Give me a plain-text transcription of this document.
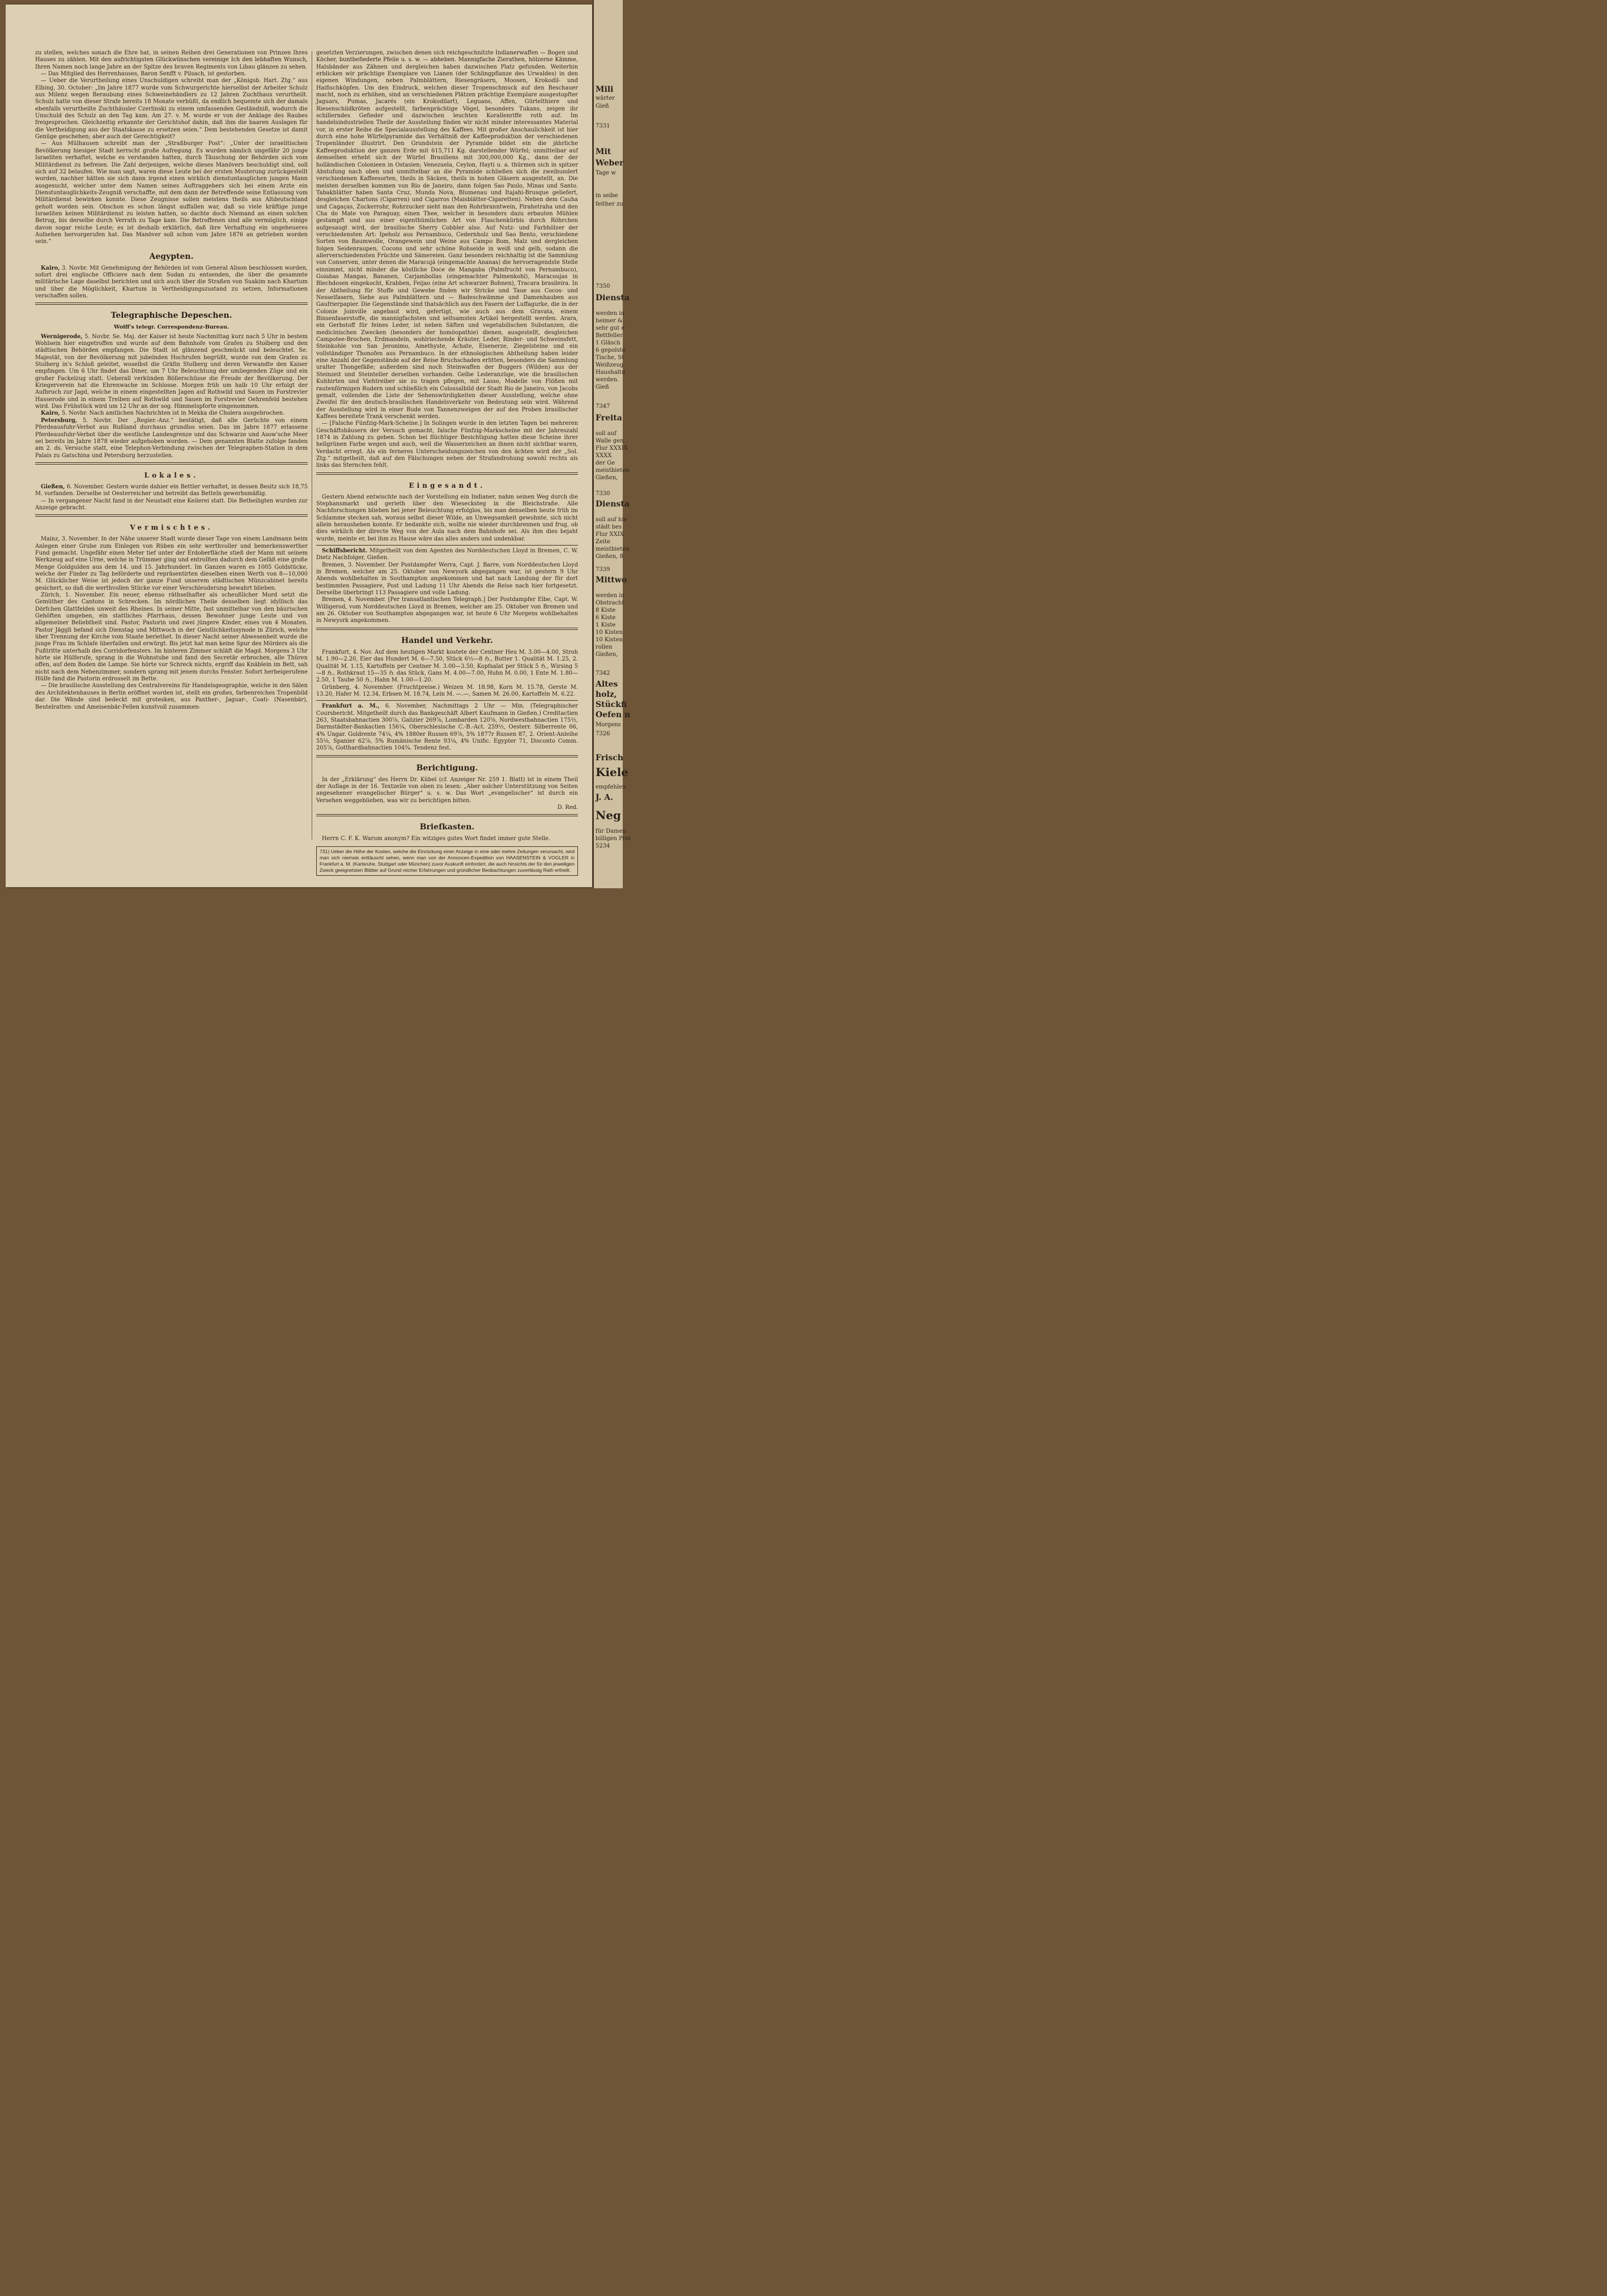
zu stellen, welches sonach die Ehre hat, in seinen Reihen drei Generationen von Prinzen Ihres Hauses zu zählen. Mit den aufrichtigsten Glückwünschen vereinige Ich den lebhaften Wunsch, Ihren Namen noch lange Jahre an der Spitze des braven Regiments von Libau glänzen zu sehen.

— Das Mitglied des Herrenhauses, Baron Senfft v. Pilsach, ist gestorben.

— Ueber die Verurtheilung eines Unschuldigen schreibt man der „Königsb. Hart. Ztg.“ aus Elbing, 30. October: „Im Jahre 1877 wurde vom Schwurgerichte hierselbst der Arbeiter Schulz aus Milenz wegen Beraubung eines Schweinehändlers zu 12 Jahren Zuchthaus verurtheilt. Schulz hatte von dieser Strafe bereits 18 Monate verbüßt, da endlich bequemte sich der damals ebenfalls verurtheilte Zuchthäusler Czerlinski zu einem umfassenden Geständniß, wodurch die Unschuld des Schulz an den Tag kam. Am 27. v. M. wurde er von der Anklage des Raubes freigesprochen. Gleichzeitig erkannte der Gerichtshof dahin, daß ihm die baaren Auslagen für die Vertheidigung aus der Staatskasse zu ersetzen seien.“ Dem bestehenden Gesetze ist damit Genüge geschehen; aber auch der Gerechtigkeit?

— Aus Mülhausen schreibt man der „Straßburger Post“: „Unter der israelitischen Bevölkerung hiesiger Stadt herrscht große Aufregung. Es wurden nämlich ungefähr 20 junge Israeliten verhaftet, welche es verstanden hatten, durch Täuschung der Behörden sich vom Militärdienst zu befreien. Die Zahl derjenigen, welche dieses Manövers beschuldigt sind, soll sich auf 32 belaufen. Wie man sagt, waren diese Leute bei der ersten Musterung zurückgestellt worden, nachher hätten sie sich dann irgend einen wirklich dienstuntauglichen jungen Mann ausgesucht, welcher unter dem Namen seines Auftraggebers sich bei einem Arzte ein Dienstuntauglichkeits-Zeugniß verschaffte, mit dem dann der Betreffende seine Entlassung vom Militärdienst bewirken konnte. Diese Zeugnisse sollen meistens theils aus Altdeutschland geholt worden sein. Obschon es schon längst auffallen war, daß so viele kräftige junge Israeliten keinen Militärdienst zu leisten hatten, so dachte doch Niemand an einen solchen Betrug, bis derselbe durch Verrath zu Tage kam. Die Betroffenen sind alle vermöglich, einige davon sogar reiche Leute; es ist deshalb erklärlich, daß ihre Verhaftung ein ungeheueres Aufsehen hervorgerufen hat. Das Manöver soll schon vom Jahre 1876 an getrieben worden sein.“

Aegypten.

Kairo, 3. Novbr. Mit Genehmigung der Behörden ist vom General Alison beschlossen worden, sofort drei englische Officiere nach dem Sudan zu entsenden, die über die gesammte militärische Lage daselbst berichten und sich auch über die Straßen von Suakim nach Khartum und über die Möglichkeit, Khartum in Vertheidigungszustand zu setzen, Informationen verschaffen sollen.

Telegraphische Depeschen.
Wolff's telegr. Correspondenz-Bureau.

Wernigerode, 5. Novbr. Se. Maj. der Kaiser ist heute Nachmittag kurz nach 5 Uhr in bestem Wohlsein hier eingetroffen und wurde auf dem Bahnhofe vom Grafen zu Stolberg und den städtischen Behörden empfangen. Die Stadt ist glänzend geschmückt und beleuchtet. Se. Majestät, von der Bevölkerung mit jubelnden Hochrufen begrüßt, wurde von dem Grafen zu Stolberg in's Schloß geleitet, woselbst die Gräfin Stolberg und deren Verwandte den Kaiser empfingen. Um 6 Uhr findet das Diner, um 7 Uhr Beleuchtung der umliegenden Züge und ein großer Fackelzug statt. Ueberall verkünden Böllerschüsse die Freude der Bevölkerung. Der Kriegerverein hat die Ehrenwache im Schlosse. Morgen früh um halb 10 Uhr erfolgt der Aufbruch zur Jagd, welche in einem eingestellten Jagen auf Rothwild und Sauen im Forstrevier Hasserode und in einem Treiben auf Rothwild und Sauen im Forstrevier Oehrenfeld bestehen wird. Das Frühstück wird um 12 Uhr an der sog. Himmelspforte eingenommen.

Kairo, 5. Novbr. Nach amtlichen Nachrichten ist in Mekka die Cholera ausgebrochen.

Petersburg, 5. Novbr. Der „Regier.-Anz.“ bestätigt, daß alle Gerüchte von einem Pferdeausfuhr-Verbot aus Rußland durchaus grundlos seien. Das im Jahre 1877 erlassene Pferdeausfuhr-Verbot über die westliche Landesgrenze und das Schwarze und Asow'sche Meer sei bereits im Jahre 1878 wieder aufgehoben worden. — Dem genannten Blatte zufolge fanden am 2. ds. Versuche statt, eine Telephon-Verbindung zwischen der Telegraphen-Station in dem Palais zu Gatschina und Petersburg herzustellen.

Lokales.

Gießen, 6. November. Gestern wurde dahier ein Bettler verhaftet, in dessen Besitz sich 18,75 M. vorfanden. Derselbe ist Oesterreicher und betreibt das Betteln gewerbsmäßig.

— In vergangener Nacht fand in der Neustadt eine Keilerei statt. Die Betheiligten wurden zur Anzeige gebracht.

Vermischtes.

Mainz, 3. November. In der Nähe unserer Stadt wurde dieser Tage von einem Landmann beim Anlegen einer Grube zum Einlegen von Rüben ein sehr werthvoller und bemerkenswerther Fund gemacht. Ungefähr einen Meter tief unter der Erdoberfläche stieß der Mann mit seinem Werkzeug auf eine Urne, welche in Trümmer ging und entrollten dadurch dem Gefäß eine große Menge Goldgulden aus dem 14. und 15. Jahrhundert. Im Ganzen waren es 1005 Goldstücke, welche der Finder zu Tag beförderte und repräsentirten dieselben einen Werth von 8—10,000 M. Glücklicher Weise ist jedoch der ganze Fund unserem städtischen Münzcabinet bereits gesichert, so daß die werthvollen Stücke vor einer Verschleuderung bewahrt blieben.

Zürich, 1. November. Ein neuer, ebenso räthselhafter als scheußlicher Mord setzt die Gemüther des Cantons in Schrecken. Im nördlichen Theile desselben liegt idyllisch das Dörfchen Glattfelden unweit des Rheines. In seiner Mitte, fast unmittelbar von den bäurischen Gehöften umgeben, ein stattliches Pfarrhaus, dessen Bewohner junge Leute und von allgemeiner Beliebtheit sind. Pastor, Pastorin und zwei jüngere Kinder, eines von 4 Monaten. Pastor Jäggli befand sich Dienstag und Mittwoch in der Geistlichkeitssynode in Zürich, welche über Trennung der Kirche vom Staate beriethet. In dieser Nacht seiner Abwesenheit wurde die junge Frau im Schlafe überfallen und erwürgt. Bis jetzt hat man keine Spur des Mörders als die Fußtritte unterhalb des Corridorfensters. Im hinteren Zimmer schläft die Magd. Morgens 3 Uhr hörte sie Hülferufe, sprang in die Wohnstube und fand den Secretär erbrochen, alle Thüren offen, auf dem Boden die Lampe. Sie hörte vor Schreck nichts, ergriff das Knäblein im Bett, sah nicht nach dem Nebenzimmer, sondern sprang mit jenem durchs Fenster. Sofort herbeigerufene Hülfe fand die Pastorin erdrosselt im Bette.

— Die brasilische Ausstellung des Centralvereins für Handelsgeographie, welche in den Sälen des Architektenhauses in Berlin eröffnet worden ist, stellt ein großes, farbenreiches Tropenbild dar. Die Wände sind bedeckt mit grotesken, aus Panther-, Jaguar-, Coati- (Nasenbär), Beutelratten- und Ameisenbär-Fellen kunstvoll zusammen-

gesetzten Verzierungen, zwischen denen sich reichgeschnitzte Indianerwaffen — Bogen und Köcher, buntbefiederte Pfeile u. s. w. — abheben. Mannigfache Zierathen, hölzerne Kämme, Halsbänder aus Zähnen und dergleichen haben dazwischen Platz gefunden. Weiterhin erblicken wir prächtige Exemplare von Lianen (der Schlingpflanze des Urwaldes) in den eigenen Windungen, neben Palmblättern, Riesengräsern, Moosen, Krokodil- und Haifischköpfen. Um den Eindruck, welchen dieser Tropenschmuck auf den Beschauer macht, noch zu erhöhen, sind an verschiedenen Plätzen prächtige Exemplare ausgestopfter Jaguars, Pumas, Jacarés (ein Krokodilart), Leguans, Affen, Gürtelthiere und Riesenschildkröten aufgestellt, farbenprächtige Vögel, besonders Tukans, zeigen ihr schillerndes Gefieder und dazwischen leuchten Korallenriffe roth auf. Im handelsindustriellen Theile der Ausstellung finden wir nicht minder interessantes Material vor, in erster Reihe die Specialausstellung des Kaffees. Mit großer Anschaulichkeit ist hier durch eine hohe Würfelpyramide das Verhältniß der Kaffeeproduktion der verschiedenen Tropenländer illustrirt. Den Grundstein der Pyramide bildet ein die jährliche Kaffeeproduktion der ganzen Erde mit 615,711 Kg. darstellender Würfel; unmittelbar auf demselben erhebt sich der Würfel Brasiliens mit 300,000,000 Kg., dann der der holländischen Colonieen in Ostasien; Venezuela, Ceylon, Hayti u. a. thürmen sich in spitzer Abstufung nach oben und unmittelbar an die Pyramide schließen sich die zweihundert verschiedenen Kaffeesorten, theils in Säcken, theils in hohen Gläsern ausgestellt, an. Die meisten derselben kommen von Rio de Janeiro, dann folgen Sao Paulo, Minas und Santo. Tabakblätter haben Santa Cruz, Munda Nova, Blumenau und Itajahi-Brusque geliefert, desgleichen Chartons (Cigarren) und Cigarros (Maisblätter-Cigaretten). Neben dem Cauha und Cagaças, Zuckerrohr, Rohrzucker sieht man den Rohrbranntwein, Pirahetraha und den Cha do Mate von Paraguay, einen Thee, welcher in besonders dazu erbauten Mühlen gestampft und aus einer eigenthümlichen Art von Flaschenkürbis durch Röhrchen aufgesaugt wird, der brasilische Sherry Cobbler also. Auf Nutz- und Farbhölzer der verschiedensten Art: Ipeholz aus Pernambuco, Cedernholz und Sao Bento, verschiedene Sorten von Baumwolle, Orangewein und Weine aus Campo Bom, Malz und dergleichen folgen Seidenraupen, Cocons und sehr schöne Rohseide in weiß und gelb, sodann die allerverschiedensten Früchte und Sämereien. Ganz besonders reichhaltig ist die Sammlung von Conserven, unter denen die Maracujá (eingemachte Ananas) die hervorragendste Stelle einnimmt, nicht minder die köstliche Doce de Mangaba (Palmfrucht von Pernambuco), Goiabas Mangas, Bananen, Carjambollas (eingemachter Palmenkohl), Maracoujas in Blechdosen eingekocht, Krabben, Feijao (eine Art schwarzer Bohnen), Tracara brasileira. In der Abtheilung für Stoffe und Gewebe finden wir Stricke und Taue aus Cocos- und Nesselfasern, Siebe aus Palmblättern und — Badeschwämme und Damenhauben aus Gaufrierpapier. Die Gegenstände sind thatsächlich aus den Fasern der Luffagurke, die in der Colonie Joinville angebaut wird, gefertigt, wie auch aus dem Gravata, einem Binsenfaserstoffe, die mannigfachsten und seltsamsten Artikel hergestellt werden. Arara, ein Gerbstoff für feines Leder, ist neben Säften und vegetabilischen Substanzen, die medicinischen Zwecken (besonders der homöopathie) dienen, ausgestellt, desgleichen Campotee-Brochen, Erdmandeln, wohlriechende Kräuter, Leder, Rinder- und Schweinsfett, Steinkohle von San Jeronimo, Amethyste, Achate, Eisenerze, Ziegelsteine und ein vollständiger Thonofen aus Pernambuco. In der ethnologischen Abtheilung haben leider eine Anzahl der Gegenstände auf der Reise Bruchschaden erlitten, besonders die Sammlung uralter Thongefäße; außerdem sind noch Steinwaffen der Buggers (Wilden) aus der Steinzeit und Steinteller derselben vorhanden. Gelbe Lederanzüge, wie die brasilischen Kuhhirten und Viehtreiber sie zu tragen pflegen, mit Lasso, Modelle von Flößen mit rautenförmigen Rudern und schließlich ein Colossalbild der Stadt Rio de Janeiro, von Jacobs gemalt, vollenden die Liste der Sehenswürdigkeiten dieser Ausstellung, welche ohne Zweifel für den deutsch-brasilischen Handelsverkehr von Bedeutung sein wird. Während der Ausstellung wird in einer Bude von Tannenzweigen der auf den Proben brasilischer Kaffees bereitete Trank verschenkt werden.

— [Falsche Fünfzig-Mark-Scheine.] In Solingen wurde in den letzten Tagen bei mehreren Geschäftshäusern der Versuch gemacht, falsche Fünfzig-Markscheine mit der Jahreszahl 1874 in Zahlung zu geben. Schon bei flüchtiger Besichtigung hatten diese Scheine ihrer hellgrünen Farbe wegen und auch, weil die Wasserzeichen an ihnen nicht sichtbar waren, Verdacht erregt. Als ein ferneres Unterscheidungszeichen von den ächten wird der „Sol. Ztg.“ mitgetheilt, daß auf den Fälschungen neben der Strafandrohung sowohl rechts als links das Sternchen fehlt.

Eingesandt.

Gestern Abend entwischte nach der Vorstellung ein Indianer, nahm seinen Weg durch die Stephansmarkt und gerieth über den Wiesecksteg in die Bleichstraße. Alle Nachforschungen blieben bei jener Beleuchtung erfolglos, bis man denselben heute früh im Schlamme stecken sah, woraus selbst dieser Wilde, an Unwegsamkeit gewohnte, sich nicht allein herausheben konnte. Er bedankte sich, wollte nie wieder durchbrennen und frug, ob dies wirklich der directe Weg von der Aula nach dem Bahnhofe sei. Als ihm dies bejaht wurde, meinte er, bei ihm zu Hause wäre das alles anders und undenkbar.

Schiffsbericht. Mitgetheilt von dem Agenten des Norddeutschen Lloyd in Bremen, C. W. Dietz Nachfolger, Gießen.

Bremen, 3. November. Der Postdampfer Werra, Capt. J. Barre, vom Norddeutschen Lloyd in Bremen, welcher am 25. Oktober von Newyork abgegangen war, ist gestern 9 Uhr Abends wohlbehalten in Southampton angekommen und hat nach Landung der für dort bestimmten Passagiere, Post und Ladung 11 Uhr Abends die Reise nach hier fortgesetzt. Derselbe überbringt 113 Passagiere und volle Ladung.

Bremen, 4. November. [Per transatlantischen Telegraph.] Der Postdampfer Elbe, Capt. W. Willigerod, vom Norddeutschen Lloyd in Bremen, welcher am 25. Oktober von Bremen und am 26. Oktober von Southampton abgegangen war, ist heute 6 Uhr Morgens wohlbehalten in Newyork angekommen.

Handel und Verkehr.

Frankfurt, 4. Nov. Auf dem heutigen Markt kostete der Centner Heu M. 3.00—4.00, Stroh M. 1.90—2.20, Eier das Hundert M. 6—7.50, Stück 6½—8 ℌ., Butter 1. Qualität M. 1.25, 2. Qualität M. 1.15, Kartoffeln per Centner M. 3.00—3.50, Kopfsalat per Stück 5 ℌ., Wirsing 5—8 ℌ., Rothkraut 15—35 ℌ. das Stück, Gans M. 4.00—7.00, Huhn M. 0.00, 1 Ente M. 1.80—2.50, 1 Taube 50 ℌ., Hahn M. 1.00—1.20.

Grünberg, 4. November. (Fruchtpreise.) Weizen M. 18.98, Korn M. 15.78, Gerste M. 13.20, Hafer M. 12.34, Erbsen M. 18.74, Lein M. —.—, Samen M. 26.00, Kartoffeln M. 6.22.

Frankfurt a. M., 6. November, Nachmittags 2 Uhr — Min. (Telegraphischer Coursbericht. Mitgetheilt durch das Bankgeschäft Albert Kaufmann in Gießen.) Creditactien 263, Staatsbahnactien 300⅞, Galizier 269⅞, Lombarden 120⅝, Nordwestbahnactien 175½, Darmstädter-Bankactien 156¼, Oberschlesische C.-B.-Act. 259½, Oesterr. Silberrente 66, 4% Ungar. Goldrente 74¼, 4% 1880er Russen 69⅞, 5% 1877r Russen 87, 2. Orient-Anleihe 55⅛, Spanier 62⅞, 5% Rumänische Rente 93¼, 4% Unific. Egypter 71, Disconto Comm. 205⅞, Gotthardbahnactien 104¾. Tendenz fest.

Berichtigung.

In der „Erklärung“ des Herrn Dr. Kübel (cf. Anzeiger Nr. 259 1. Blatt) ist in einem Theil der Auflage in der 16. Textzeile von oben zu lesen: „Aber solcher Unterstützung von Seiten angesehener evangelischer Bürger“ u. s. w. Das Wort „evangelischer“ ist durch ein Versehen weggeblieben, was wir zu berichtigen bitten.

D. Red.
Briefkasten.

Herrn C. F. K. Warum anonym? Ein witziges gutes Wort findet immer gute Stelle.

731) Ueber die Höhe der Kosten, welche die Einrückung einer Anzeige in eine oder mehre Zeitungen verursacht, wird man sich niemals enttäuscht sehen, wenn man von der Annoncen-Expedition von HAASENSTEIN & VOGLER in Frankfurt a. M. (Karlsruhe, Stuttgart oder München) zuvor Auskunft einfordert, die auch hinsichts der für den jeweiligen Zweck geeignetsten Blätter auf Grund reicher Erfahrungen und gründlicher Beobachtungen zuverlässig Rath ertheilt.
Mili
wärter
Gieß
7331
Mit
Weber
Tage w
in seibe
feither zu
7350
Diensta
werden in
heimer &
sehr gut e
Bettfeller
1 Gläsch
6 gepolste
Tische, St
Weißzeug
Haushaltu
werden.
Gieß
7347
Freita
soll auf
Walle gen
Flur XXXIX
XXXX
der Ge
meistbieten
Gießen,
7330
Diensta
soll auf hie
städt bes
Flur XXIX
Zeite
meistbieten
Gießen, 8
7339
Mittwo
werden in
Obstracht
8 Kiste
6 Kiste
1 Kiste
10 Kisten
10 Kisten
rollen
Gießen,
7342
Altes
holz,
Stückfi
Oefen n
Morgens
7326
Frisch
Kiele
empfehlen
J. A.
Neg
für Damen
billigen Prei
5234
